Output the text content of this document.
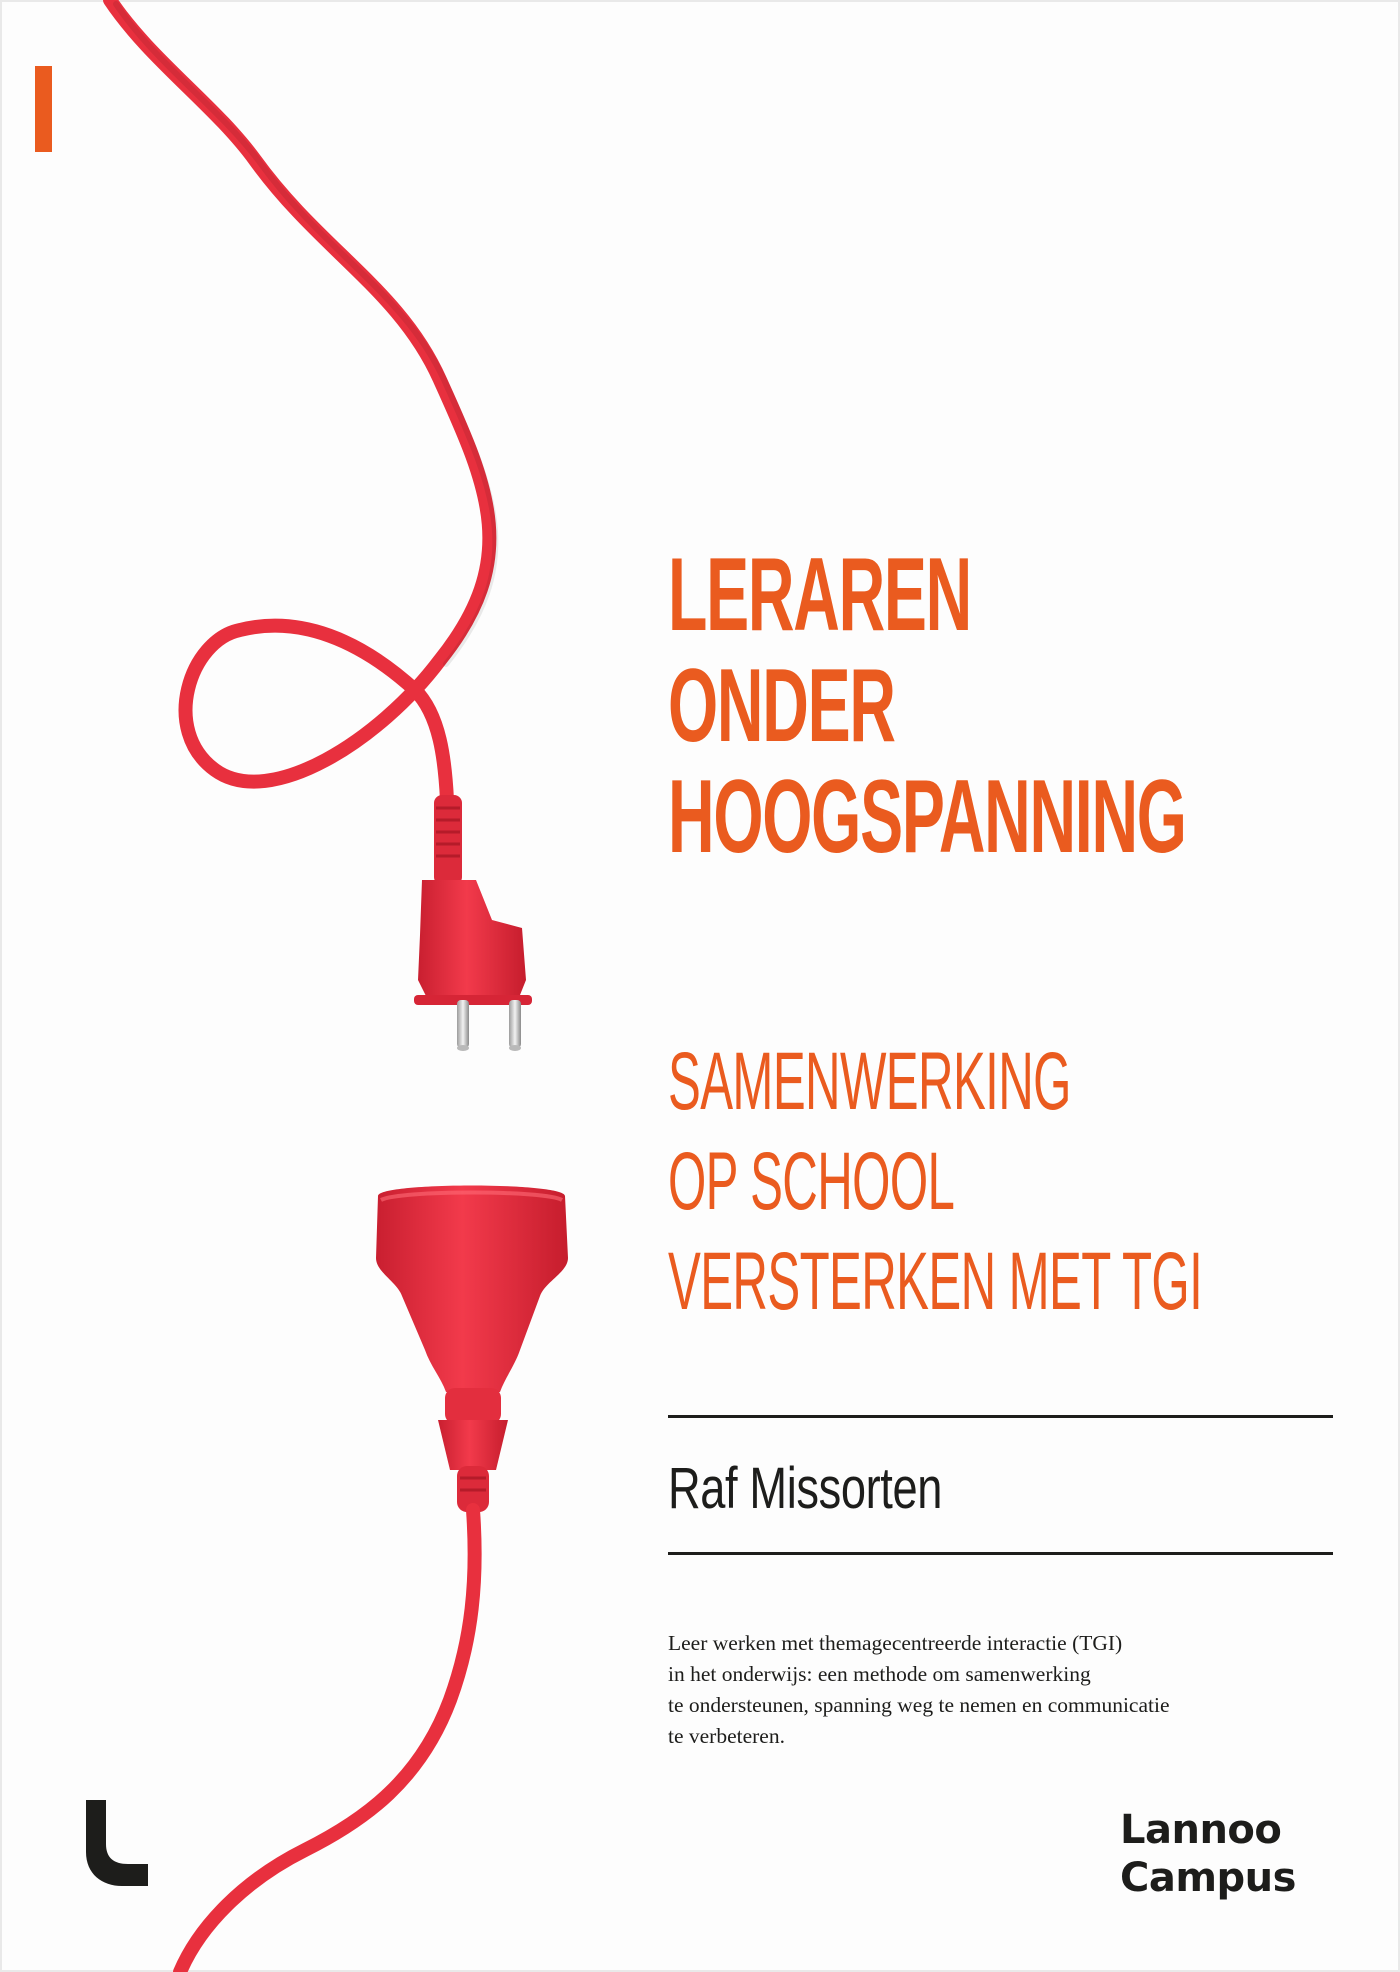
LERAREN
ONDER
HOOGSPANNING
SAMENWERKING
OP SCHOOL
VERSTERKEN MET TGI
Raf Missorten

Leer werken met themagecentreerde interactie (TGI)
in het onderwijs: een methode om samenwerking
te ondersteunen, spanning weg te nemen en communicatie
te verbeteren.

Lannoo
Campus
